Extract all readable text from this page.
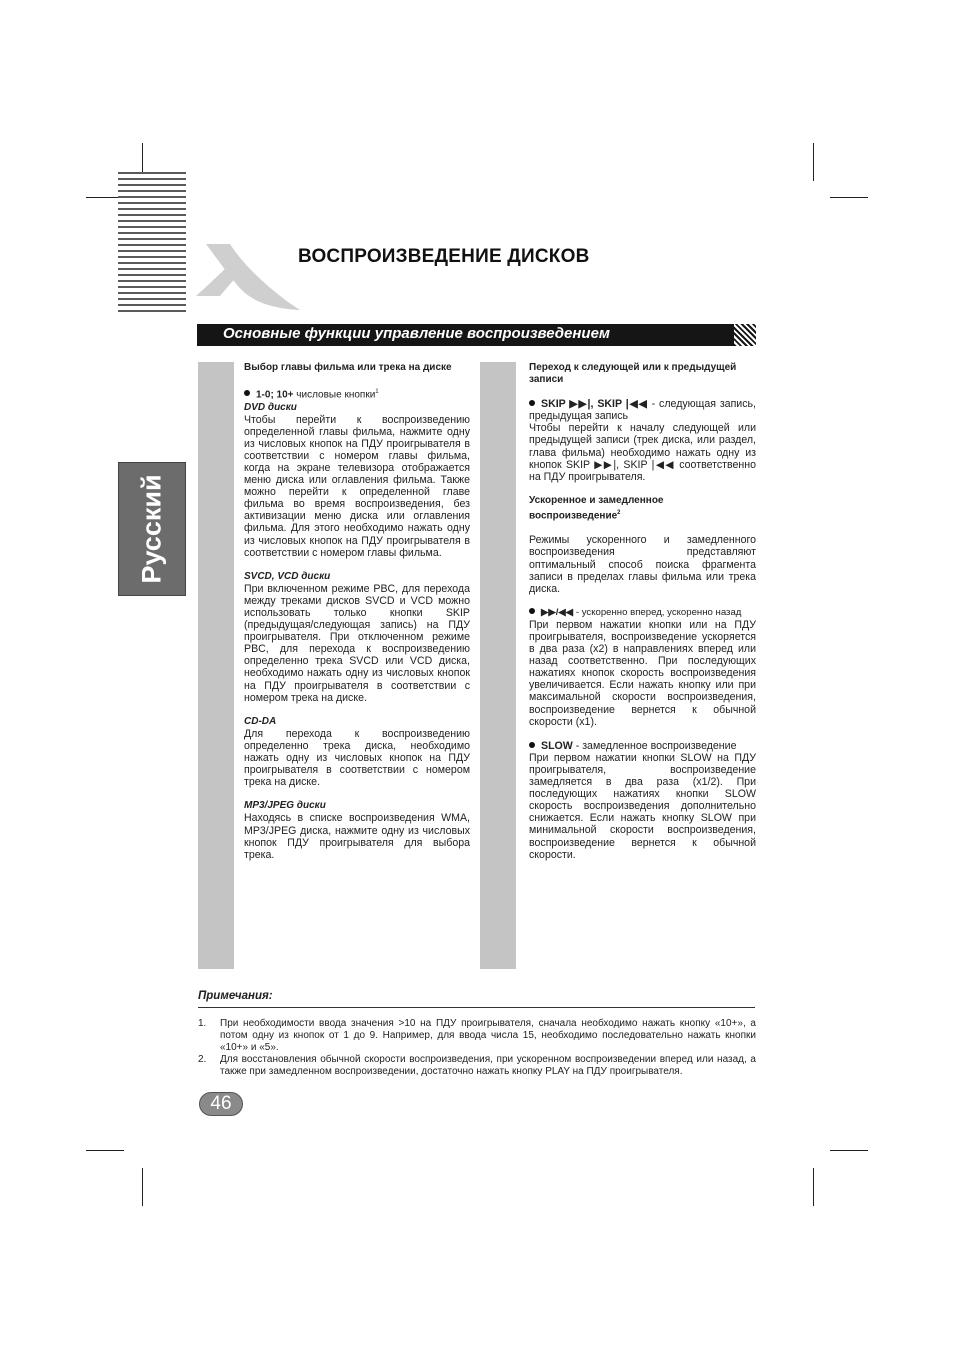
X
ВОСПРОИЗВЕДЕНИЕ ДИСКОВ
Основные функции управление воспроизведением
Русский

Выбор главы фильма или трека на диске

1-0; 10+ числовые кнопки$^1$

DVD диски

Чтобы перейти к воспроизведению определенной главы фильма, нажмите одну из числовых кнопок на ПДУ проигрывателя в соответствии с номером главы фильма, когда на экране телевизора отображается меню диска или оглавления фильма. Также можно перейти к определенной главе фильма во время воспроизведения, без активизации меню диска или оглавления фильма. Для этого необходимо нажать одну из числовых кнопок на ПДУ проигрывателя в соответствии с номером главы фильма.

SVCD, VCD диски

При включенном режиме PBC, для перехода между треками дисков SVCD и VCD можно использовать только кнопки SKIP (предыдущая/следующая запись) на ПДУ проигрывателя. При отключенном режиме PBC, для перехода к воспроизведению определенно трека SVCD или VCD диска, необходимо нажать одну из числовых кнопок на ПДУ проигрывателя в соответствии с номером трека на диске.

CD-DA

Для перехода к воспроизведению определенно трека диска, необходимо нажать одну из числовых кнопок на ПДУ проигрывателя в соответствии с номером трека на диске.

MP3/JPEG диски

Находясь в списке воспроизведения WMA, MP3/JPEG диска, нажмите одну из числовых кнопок ПДУ проигрывателя для выбора трека.

Переход к следующей или к предыдущей записи

SKIP ▶▶|, SKIP |◀◀ - следующая запись, предыдущая запись

Чтобы перейти к началу следующей или предыдущей записи (трек диска, или раздел, глава фильма) необходимо нажать одну из кнопок SKIP ▶▶|, SKIP |◀◀ соответственно на ПДУ проигрывателя.

Ускоренное и замедленное воспроизведение$^2$

Режимы ускоренного и замедленного воспроизведения представляют оптимальный способ поиска фрагмента записи в пределах главы фильма или трека диска.

▶▶/◀◀ - ускоренно вперед, ускоренно назад

При первом нажатии кнопки или на ПДУ проигрывателя, воспроизведение ускоряется в два раза (x2) в направлениях вперед или назад соответственно. При последующих нажатиях кнопок скорость воспроизведения увеличивается. Если нажать кнопку или при максимальной скорости воспроизведения, воспроизведение вернется к обычной скорости (x1).

SLOW - замедленное воспроизведение

При первом нажатии кнопки SLOW на ПДУ проигрывателя, воспроизведение замедляется в два раза (x1/2). При последующих нажатиях кнопки SLOW скорость воспроизведения дополнительно снижается. Если нажать кнопку SLOW при минимальной скорости воспроизведения, воспроизведение вернется к обычной скорости.

Примечания:
1. При необходимости ввода значения >10 на ПДУ проигрывателя, сначала необходимо нажать кнопку «10+», а потом одну из кнопок от 1 до 9. Например, для ввода числа 15, необходимо последовательно нажать кнопки «10+» и «5».
2. Для восстановления обычной скорости воспроизведения, при ускоренном воспроизведении вперед или назад, а также при замедленном воспроизведении, достаточно нажать кнопку PLAY на ПДУ проигрывателя.
46
